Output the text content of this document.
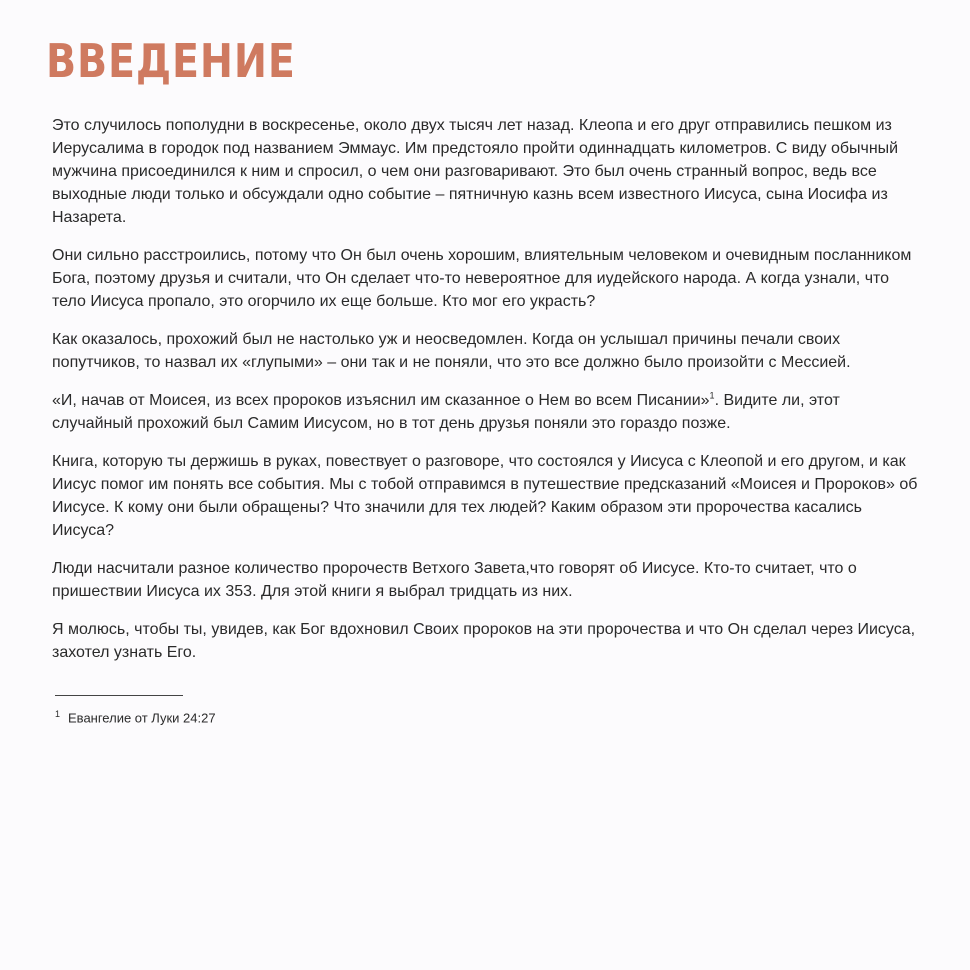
ВВЕДЕНИЕ

Это случилось пополудни в воскресенье, около двух тысяч лет назад. Клеопа и его друг отправились пешком из Иерусалима в городок под названием Эммаус. Им предстояло пройти одиннадцать километров. С виду обычный мужчина присоединился к ним и спросил, о чем они разговаривают. Это был очень странный вопрос, ведь все выходные люди только и обсуждали одно событие – пятничную казнь всем известного Иисуса, сына Иосифа из Назарета.

Они сильно расстроились, потому что Он был очень хорошим, влиятельным человеком и очевидным посланником Бога, поэтому друзья и считали, что Он сделает что-то невероятное для иудейского народа. А когда узнали, что тело Иисуса пропало, это огорчило их еще больше. Кто мог его украсть?

Как оказалось, прохожий был не настолько уж и неосведомлен. Когда он услышал причины печали своих попутчиков, то назвал их «глупыми» – они так и не поняли, что это все должно было произойти с Мессией.

«И, начав от Моисея, из всех пророков изъяснил им сказанное о Нем во всем Писании»$^1$. Видите ли, этот случайный прохожий был Самим Иисусом, но в тот день друзья поняли это гораздо позже.

Книга, которую ты держишь в руках, повествует о разговоре, что состоялся у Иисуса с Клеопой и его другом, и как Иисус помог им понять все события. Мы с тобой отправимся в путешествие предсказаний «Моисея и Пророков» об Иисусе. К кому они были обращены? Что значили для тех людей? Каким образом эти пророчества касались Иисуса?

Люди насчитали разное количество пророчеств Ветхого Завета,что говорят об Иисусе. Кто-то считает, что о пришествии Иисуса их 353. Для этой книги я выбрал тридцать из них.

Я молюсь, чтобы ты, увидев, как Бог вдохновил Своих пророков на эти пророчества и что Он сделал через Иисуса, захотел узнать Его.

$^1$ Евангелие от Луки 24:27
